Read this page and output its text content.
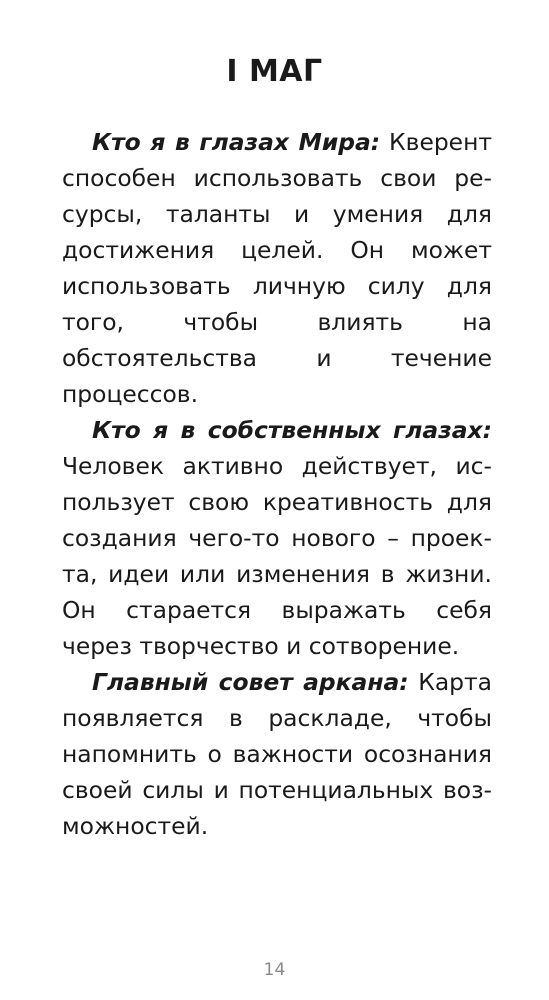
I МАГ

Кто я в глазах Мира: Кверент способен использовать свои ресурсы, таланты и умения для достижения целей. Он может использовать личную силу для того, чтобы влиять на обстоятельства и течение процессов.

Кто я в собственных глазах: Человек активно действует, использует свою креативность для создания чего-то нового – проекта, идеи или изменения в жизни. Он старается выражать себя через творчество и сотворение.

Главный совет аркана: Карта появляется в раскладе, чтобы напомнить о важности осознания своей силы и потенциальных возможностей.

14
